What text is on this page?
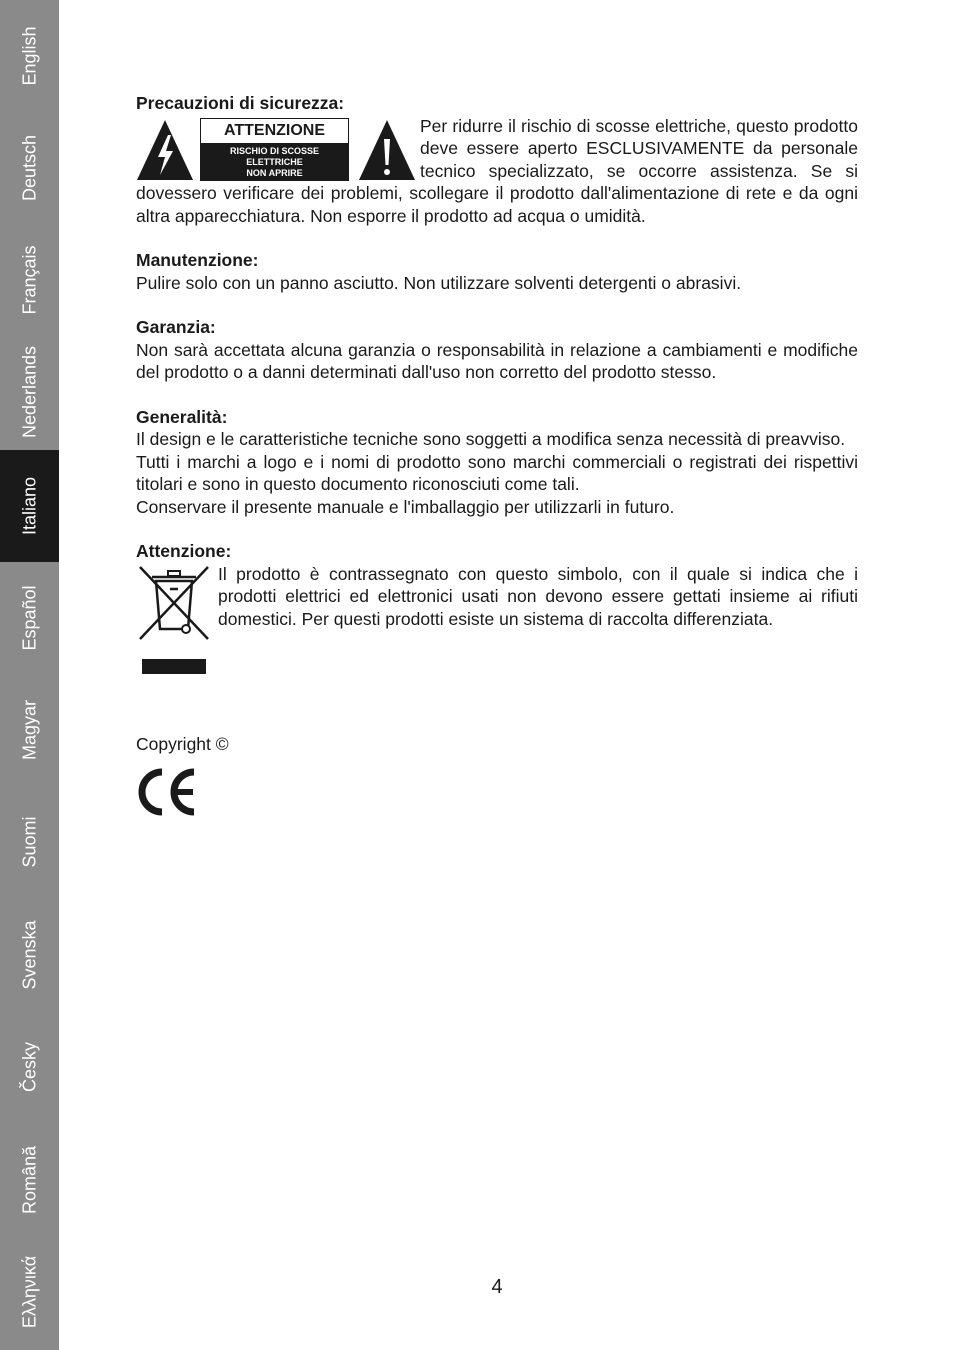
English
Deutsch
Français
Nederlands
Italiano
Español
Magyar
Suomi
Svenska
Česky
Română
Ελληνικά
Precauzioni di sicurezza:
ATTENZIONE
RISCHIO DI SCOSSE
ELETTRICHE
NON APRIRE

Per ridurre il rischio di scosse elettriche, questo prodotto deve essere aperto ESCLUSIVAMENTE da personale tecnico specializzato, se occorre assistenza. Se si dovessero verificare dei problemi, scollegare il prodotto dall'alimentazione di rete e da ogni altra apparecchiatura. Non esporre il prodotto ad acqua o umidità.

Manutenzione:

Pulire solo con un panno asciutto. Non utilizzare solventi detergenti o abrasivi.

Garanzia:

Non sarà accettata alcuna garanzia o responsabilità in relazione a cambiamenti e modifiche del prodotto o a danni determinati dall'uso non corretto del prodotto stesso.

Generalità:

Il design e le caratteristiche tecniche sono soggetti a modifica senza necessità di preavviso.

Tutti i marchi a logo e i nomi di prodotto sono marchi commerciali o registrati dei rispettivi titolari e sono in questo documento riconosciuti come tali.

Conservare il presente manuale e l'imballaggio per utilizzarli in futuro.

Attenzione:

Il prodotto è contrassegnato con questo simbolo, con il quale si indica che i prodotti elettrici ed elettronici usati non devono essere gettati insieme ai rifiuti domestici. Per questi prodotti esiste un sistema di raccolta differenziata.

Copyright ©
4
